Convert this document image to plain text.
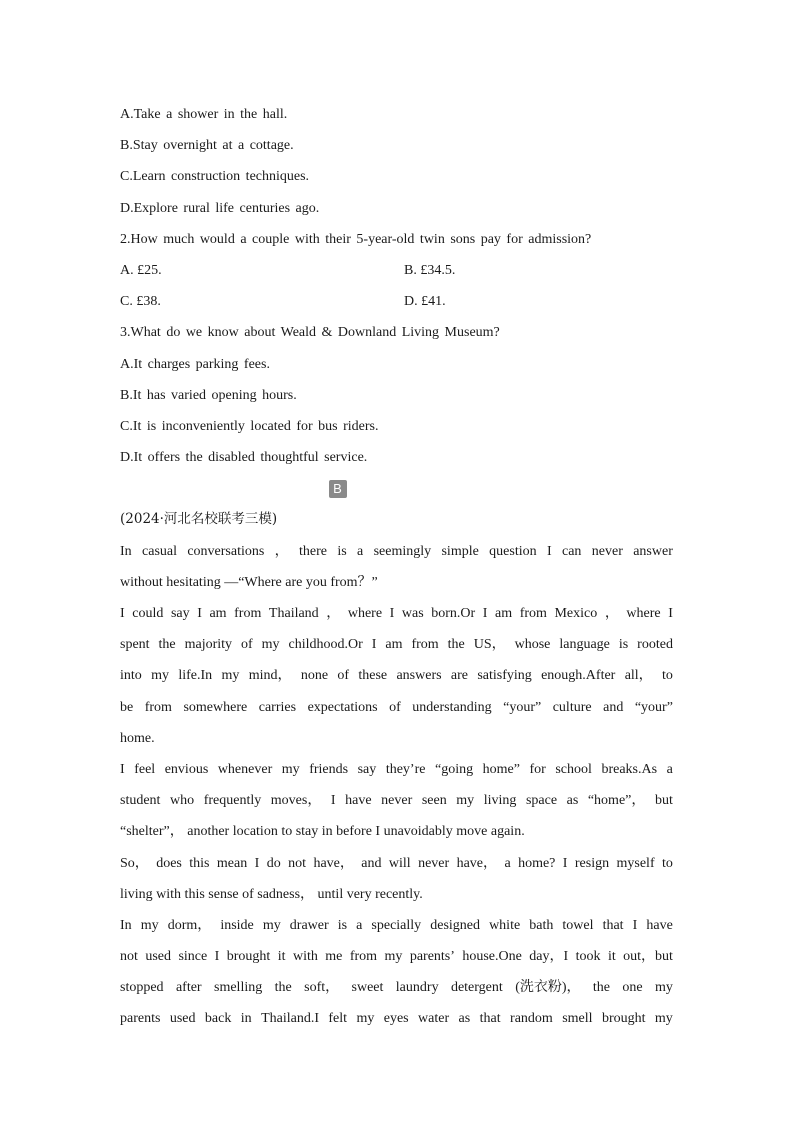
A.Take a shower in the hall.
B.Stay overnight at a cottage.
C.Learn construction techniques.
D.Explore rural life centuries ago.
2.How much would a couple with their 5-year-old twin sons pay for admission?
A. £25.	B. £34.5.
C. £38.	D. £41.
3.What do we know about Weald & Downland Living Museum?
A.It charges parking fees.
B.It has varied opening hours.
C.It is inconveniently located for bus riders.
D.It offers the disabled thoughtful service.
B
(2024·河北名校联考三模)
In casual conversations ， there is a seemingly simple question I can never answer
without hesitating —“Where are you from？”
I could say I am from Thailand ， where I was born.Or I am from Mexico ， where I
spent the majority of my childhood.Or I am from the US， whose language is rooted
into my life.In my mind， none of these answers are satisfying enough.After all， to
be from somewhere carries expectations of understanding “your” culture and “your”
home.
I feel envious whenever my friends say they’re “going home” for school breaks.As a
student who frequently moves， I have never seen my living space as “home”， but
“shelter”， another location to stay in before I unavoidably move again.
So， does this mean I do not have， and will never have， a home? I resign myself to
living with this sense of sadness， until very recently.
In my dorm， inside my drawer is a specially designed white bath towel that I have
not used since I brought it with me from my parents’ house.One day，I took it out，but
stopped after smelling the soft， sweet laundry detergent (洗衣粉)， the one my
parents used back in Thailand.I felt my eyes water as that random smell brought my
